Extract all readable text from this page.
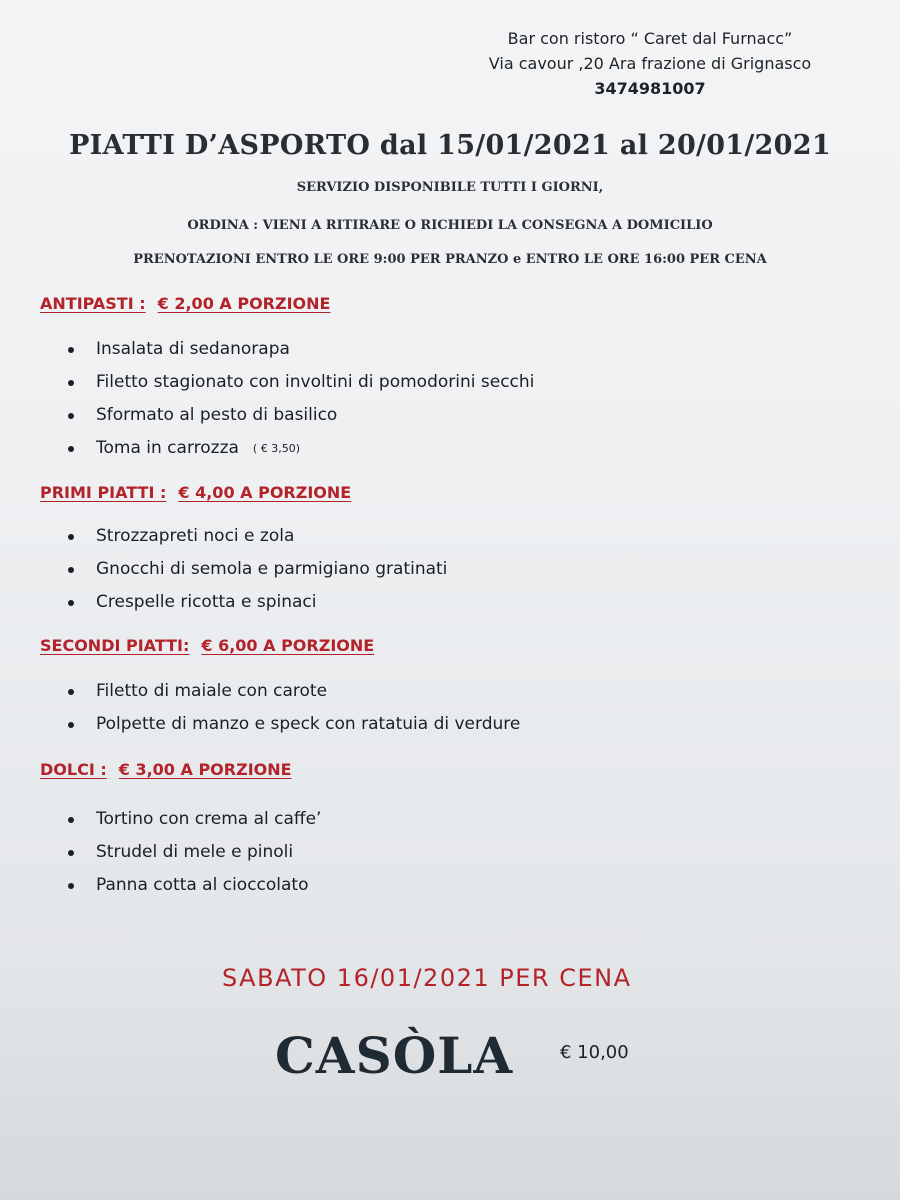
Bar con ristoro “ Caret dal Furnacc”
Via cavour ,20 Ara frazione di Grignasco
3474981007
PIATTI D’ASPORTO dal 15/01/2021 al 20/01/2021
SERVIZIO DISPONIBILE TUTTI I GIORNI,
ORDINA : VIENI A RITIRARE O RICHIEDI LA CONSEGNA A DOMICILIO
PRENOTAZIONI ENTRO LE ORE 9:00 PER PRANZO e ENTRO LE ORE 16:00 PER CENA
ANTIPASTI : € 2,00 A PORZIONE
Insalata di sedanorapa
Filetto stagionato con involtini di pomodorini secchi
Sformato al pesto di basilico
Toma in carrozza ( € 3,50)
PRIMI PIATTI : € 4,00 A PORZIONE
Strozzapreti noci e zola
Gnocchi di semola e parmigiano gratinati
Crespelle ricotta e spinaci
SECONDI PIATTI: € 6,00 A PORZIONE
Filetto di maiale con carote
Polpette di manzo e speck con ratatuia di verdure
DOLCI : € 3,00 A PORZIONE
Tortino con crema al caffe’
Strudel di mele e pinoli
Panna cotta al cioccolato
SABATO 16/01/2021 PER CENA
CASÒLA	€ 10,00
